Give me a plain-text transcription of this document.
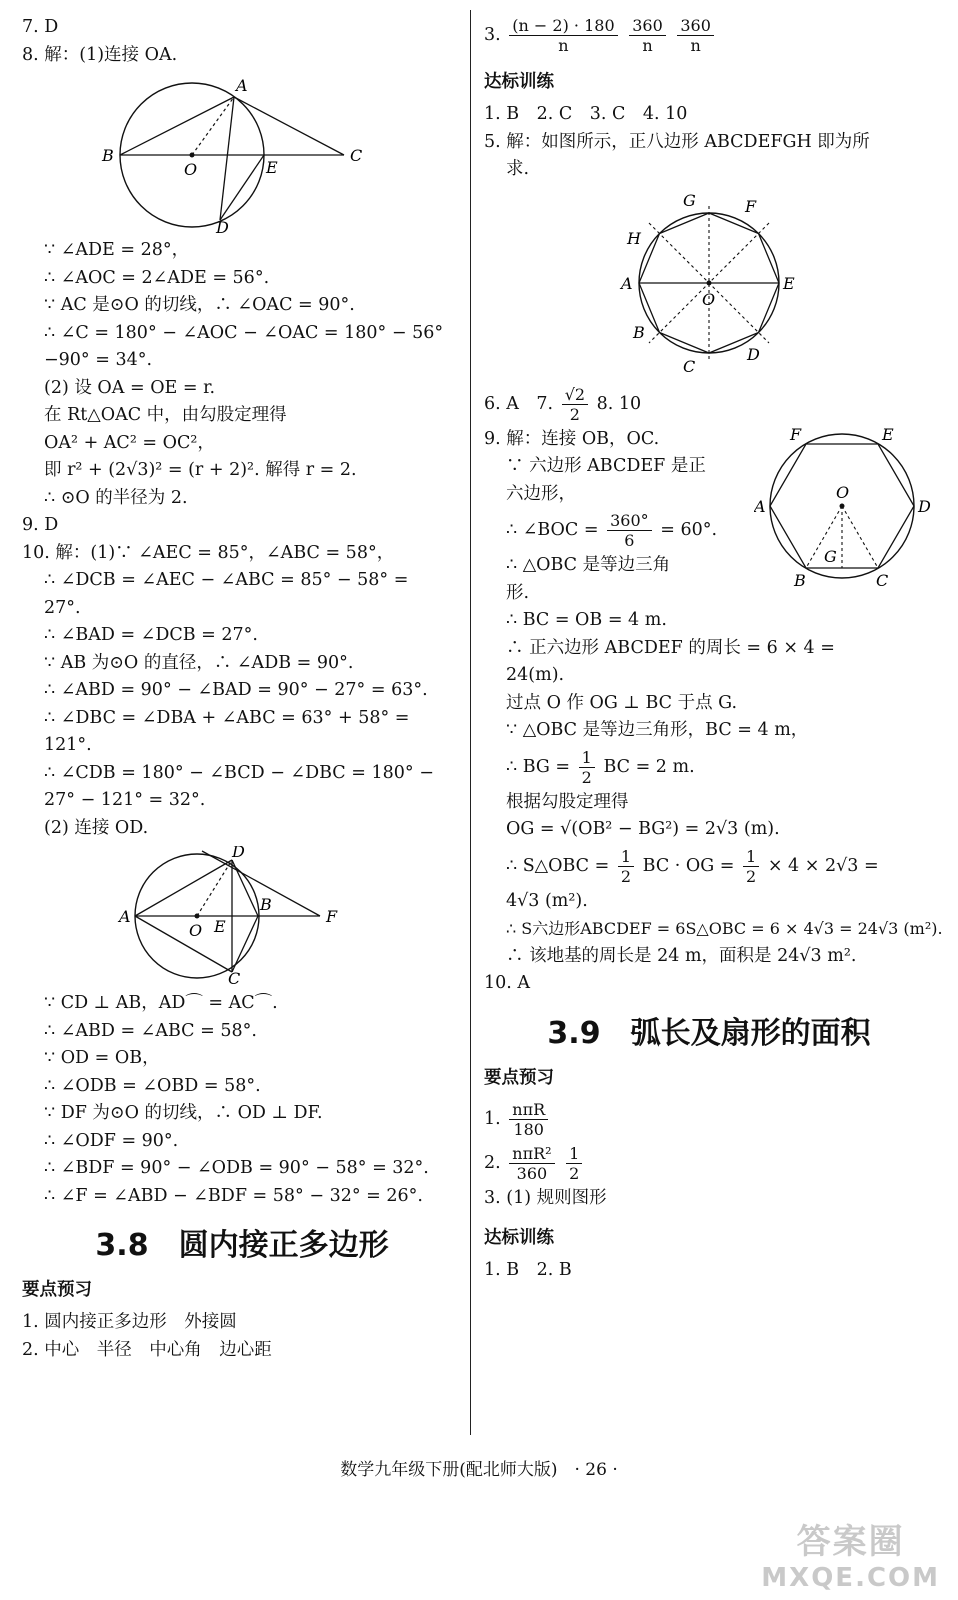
7. D
8. 解：(1)连接 OA.
A
B
O	E
C
D
∵ ∠ADE = 28°，
∴ ∠AOC = 2∠ADE = 56°.
∵ AC 是⊙O 的切线，∴ ∠OAC = 90°.
∴ ∠C = 180° − ∠AOC − ∠OAC = 180° − 56°
−90° = 34°.
(2) 设 OA = OE = r.
在 Rt△OAC 中，由勾股定理得
OA² + AC² = OC²，
即 r² + (2√3)² = (r + 2)². 解得 r = 2.
∴ ⊙O 的半径为 2.
9. D
10. 解：(1)∵ ∠AEC = 85°，∠ABC = 58°，
∴ ∠DCB = ∠AEC − ∠ABC = 85° − 58° =
27°.
∴ ∠BAD = ∠DCB = 27°.
∵ AB 为⊙O 的直径，∴ ∠ADB = 90°.
∴ ∠ABD = 90° − ∠BAD = 90° − 27° = 63°.
∴ ∠DBC = ∠DBA + ∠ABC = 63° + 58° =
121°.
∴ ∠CDB = 180° − ∠BCD − ∠DBC = 180° −
27° − 121° = 32°.
(2) 连接 OD.
D
A
O E
B
F
C
∵ CD ⊥ AB，AD⌒ = AC⌒.
∴ ∠ABD = ∠ABC = 58°.
∵ OD = OB，
∴ ∠ODB = ∠OBD = 58°.
∵ DF 为⊙O 的切线，∴ OD ⊥ DF.
∴ ∠ODF = 90°.
∴ ∠BDF = 90° − ∠ODB = 90° − 58° = 32°.
∴ ∠F = ∠ABD − ∠BDF = 58° − 32° = 26°.
3.8　圆内接正多边形
要点预习
1. 圆内接正多边形　外接圆
2. 中心　半径　中心角　边心距
3. $\frac{(n - 2) \cdot 180}{n}$
$\frac{360}{n}$
$\frac{360}{n}$
达标训练
1. B　2. C　3. C　4. 10
5. 解：如图所示，正八边形 ABCDEFGH 即为所
求.
G	F
H
A	E
O
B
C
D
6. A　7. $\frac{√2}{2} 8$. 10
F	E
O
A	D
G
B	C
9. 解：连接 OB，OC.
∵ 六边形 ABCDEF 是正
六边形，
∴ ∠BOC = $\frac{360^\circ}{6} = 60^\circ$.
∴ △OBC 是等边三角
形.
∴ BC = OB = 4 m.
∴ 正六边形 ABCDEF 的周长 = 6 × 4 =
24(m).
过点 O 作 OG ⊥ BC 于点 G.
∵ △OBC 是等边三角形，BC = 4 m，
∴ BG = $\frac{1}{2}$ BC = 2 m.
根据勾股定理得
OG = √(OB² − BG²) = 2√3 (m).
∴ S△OBC = $\frac{1}{2}$ BC · OG = $\frac{1}{2} \times 4 \times 2√3$ =
4√3 (m²).
∴ S六边形ABCDEF = 6S△OBC = 6 × 4√3 = 24√3 (m²).
∴ 该地基的周长是 24 m，面积是 24√3 m².
10. A
3.9　弧长及扇形的面积
要点预习
1. $\frac{\text{nπR}}{180}$
2. $\frac{\text{nπR²}}{360}$
$\frac{1}{2}$
3. (1) 规则图形
达标训练
1. B　2. B
数学九年级下册(配北师大版)　· 26 ·
答案圈
MXQE.COM
